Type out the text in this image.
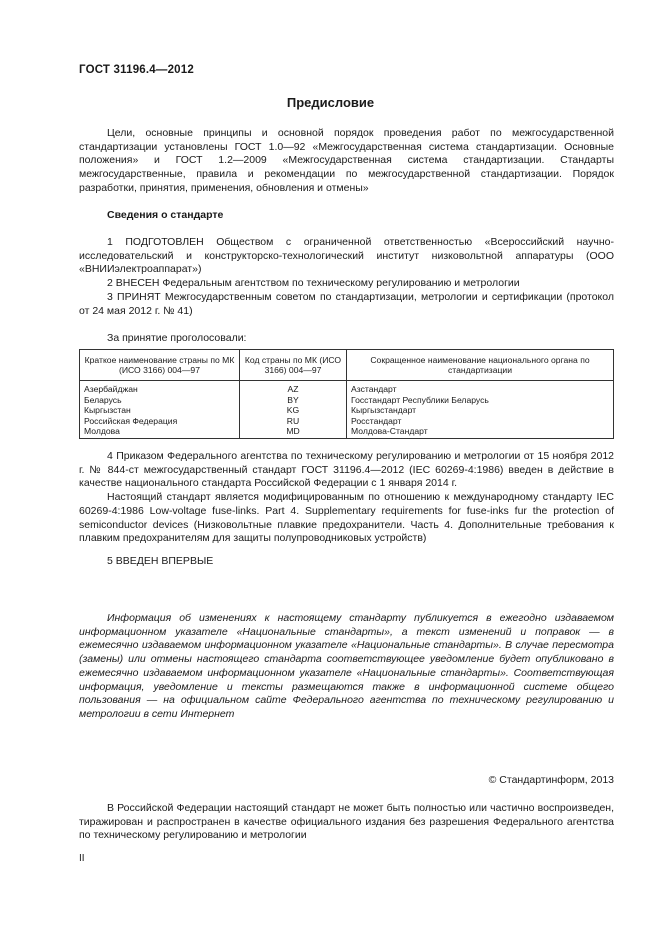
ГОСТ 31196.4—2012
Предисловие

Цели, основные принципы и основной порядок проведения работ по межгосударственной стандартизации установлены ГОСТ 1.0—92 «Межгосударственная система стандартизации. Основные положения» и ГОСТ 1.2—2009 «Межгосударственная система стандартизации. Стандарты межгосударственные, правила и рекомендации по межгосударственной стандартизации. Порядок разработки, принятия, применения, обновления и отмены»

Сведения о стандарте

1 ПОДГОТОВЛЕН Обществом с ограниченной ответственностью «Всероссийский научно-исследовательский и конструкторско-технологический институт низковольтной аппаратуры (ООО «ВНИИэлектроаппарат»)

2 ВНЕСЕН Федеральным агентством по техническому регулированию и метрологии

3 ПРИНЯТ Межгосударственным советом по стандартизации, метрологии и сертификации (протокол от 24 мая 2012 г. № 41)

За принятие проголосовали:
Краткое наименование страны по МК (ИСО 3166) 004—97	Код страны по МК (ИСО 3166) 004—97	Сокращенное наименование национального органа по стандартизации
Азербайджан	AZ	Азстандарт
Беларусь	BY	Госстандарт Республики Беларусь
Кыргызстан	KG	Кыргызстандарт
Российская Федерация	RU	Росстандарт
Молдова	MD	Молдова-Стандарт

4 Приказом Федерального агентства по техническому регулированию и метрологии от 15 ноября 2012 г. № 844-ст межгосударственный стандарт ГОСТ 31196.4—2012 (IEC 60269-4:1986) введен в действие в качестве национального стандарта Российской Федерации с 1 января 2014 г.

Настоящий стандарт является модифицированным по отношению к международному стандарту IEC 60269-4:1986 Low-voltage fuse-links. Part 4. Supplementary requirements for fuse-inks fur the protection of semiconductor devices (Низковольтные плавкие предохранители. Часть 4. Дополнительные требования к плавким предохранителям для защиты полупроводниковых устройств)

5 ВВЕДЕН ВПЕРВЫЕ

Информация об изменениях к настоящему стандарту публикуется в ежегодно издаваемом информационном указателе «Национальные стандарты», а текст изменений и поправок — в ежемесячно издаваемом информационном указателе «Национальные стандарты». В случае пересмотра (замены) или отмены настоящего стандарта соответствующее уведомление будет опубликовано в ежемесячно издаваемом информационном указателе «Национальные стандарты». Соответствующая информация, уведомление и тексты размещаются также в информационной системе общего пользования — на официальном сайте Федерального агентства по техническому регулированию и метрологии в сети Интернет

© Стандартинформ, 2013

В Российской Федерации настоящий стандарт не может быть полностью или частично воспроизведен, тиражирован и распространен в качестве официального издания без разрешения Федерального агентства по техническому регулированию и метрологии

II
